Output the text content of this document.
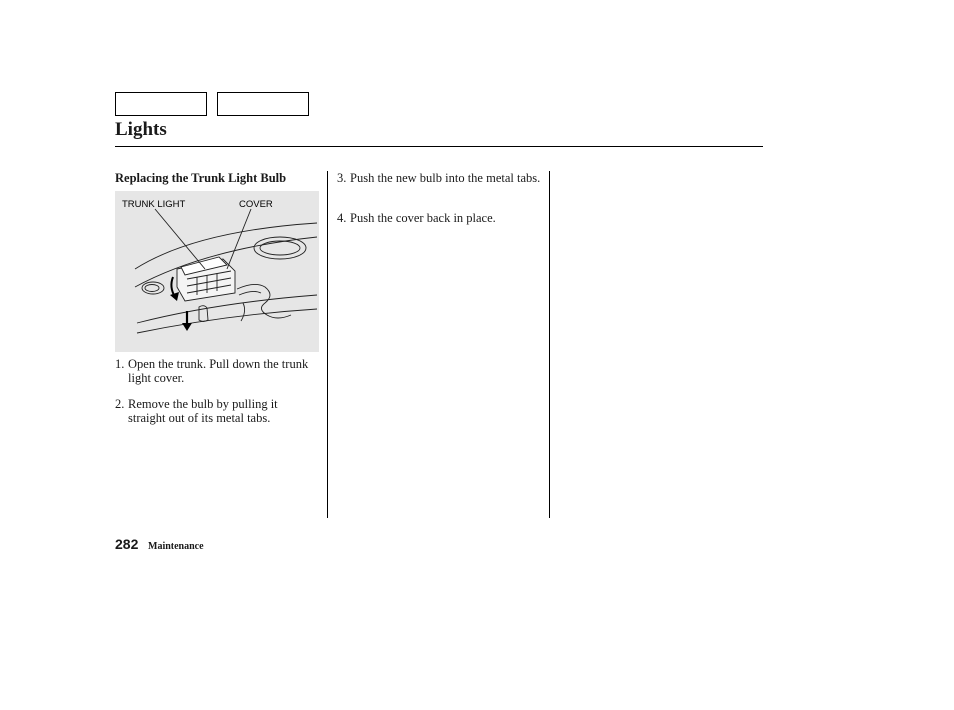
Lights
Replacing the Trunk Light Bulb
TRUNK LIGHT	COVER

1. Open the trunk. Pull down the trunk light cover.

2. Remove the bulb by pulling it straight out of its metal tabs.

3. Push the new bulb into the metal tabs.

4. Push the cover back in place.

282 Maintenance
